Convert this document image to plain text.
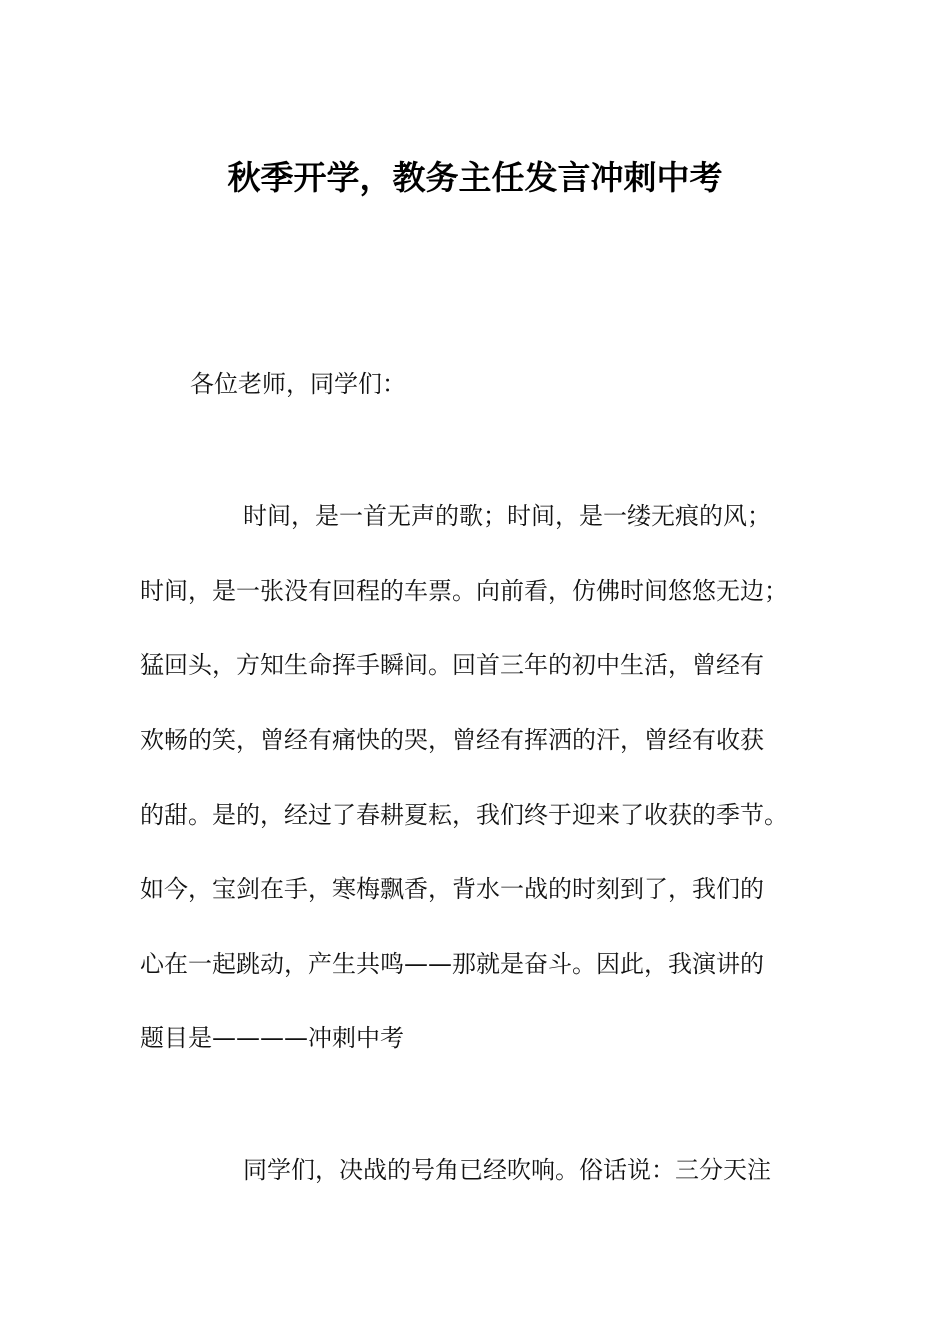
秋季开学，教务主任发言冲刺中考
各位老师，同学们：
时间，是一首无声的歌；时间，是一缕无痕的风；
时间，是一张没有回程的车票。向前看，仿佛时间悠悠无边；
猛回头，方知生命挥手瞬间。回首三年的初中生活，曾经有
欢畅的笑，曾经有痛快的哭，曾经有挥洒的汗，曾经有收获
的甜。是的，经过了春耕夏耘，我们终于迎来了收获的季节。
如今，宝剑在手，寒梅飘香，背水一战的时刻到了，我们的
心在一起跳动，产生共鸣——那就是奋斗。因此，我演讲的
题目是————冲刺中考
同学们，决战的号角已经吹响。俗话说：三分天注
